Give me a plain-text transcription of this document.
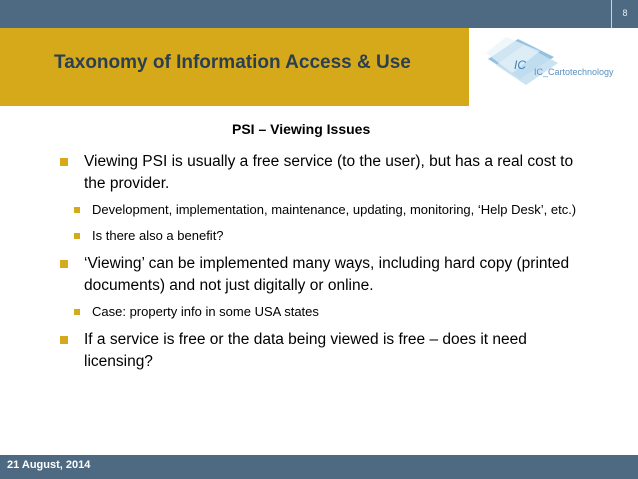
8
Taxonomy of Information Access & Use	IC IC_Cartotechnology
PSI – Viewing Issues
Viewing PSI is usually a free service (to the user), but has a real cost to the provider.
Development, implementation, maintenance, updating, monitoring, ‘Help Desk’, etc.)
Is there also a benefit?
‘Viewing’ can be implemented many ways, including hard copy (printed documents) and not just digitally or online.
Case: property info in some USA states
If a service is free or the data being viewed is free – does it need licensing?
21 August, 2014
